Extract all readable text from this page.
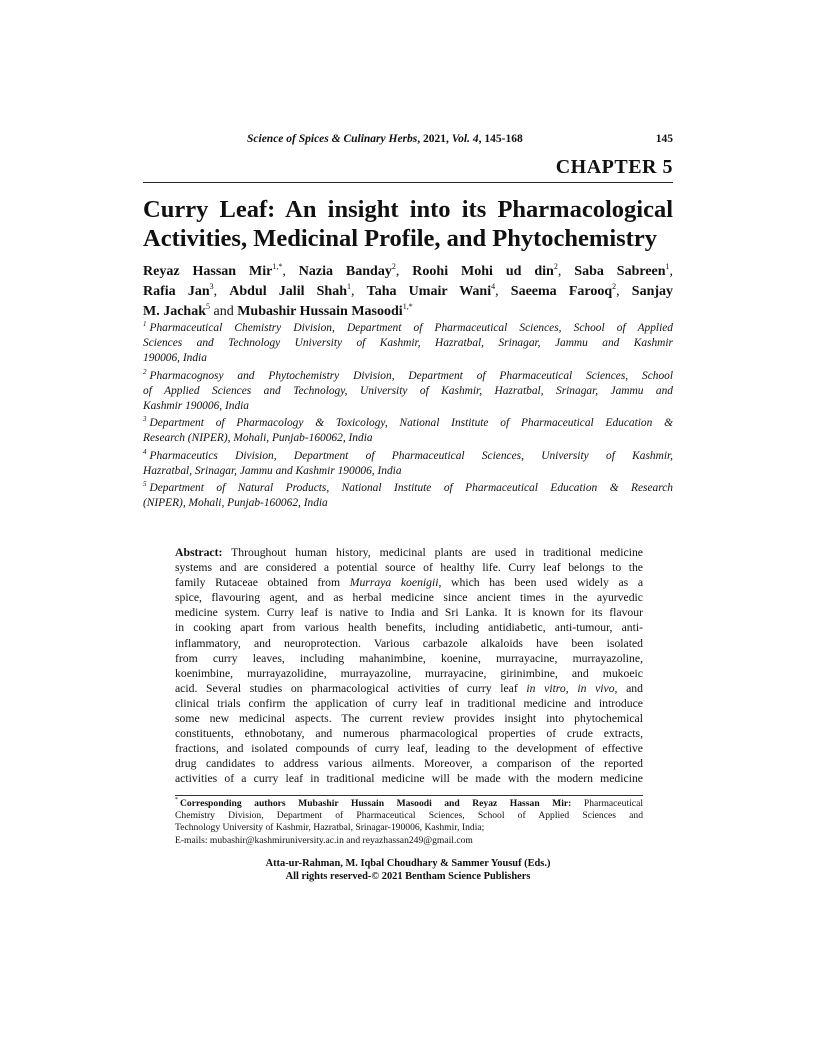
Science of Spices & Culinary Herbs, 2021, Vol. 4, 145-168	145
CHAPTER 5
Curry Leaf: An insight into its Pharmacological
Activities, Medicinal Profile, and Phytochemistry
Reyaz Hassan Mir$^{1,*}$, Nazia Banday$^2$, Roohi Mohi ud din$^2$, Saba Sabreen$^1$,
Rafia Jan$^3$, Abdul Jalil Shah$^1$, Taha Umair Wani$^4$, Saeema Farooq$^2$, Sanjay
M. Jachak$^5$ and Mubashir Hussain Masoodi$^{1,*}$
$^1$ Pharmaceutical Chemistry Division, Department of Pharmaceutical Sciences, School of Applied
Sciences and Technology University of Kashmir, Hazratbal, Srinagar, Jammu and Kashmir
190006, India
$^2$ Pharmacognosy and Phytochemistry Division, Department of Pharmaceutical Sciences, School
of Applied Sciences and Technology, University of Kashmir, Hazratbal, Srinagar, Jammu and
Kashmir 190006, India
$^3$ Department of Pharmacology & Toxicology, National Institute of Pharmaceutical Education &
Research (NIPER), Mohali, Punjab-160062, India
$^4$ Pharmaceutics Division, Department of Pharmaceutical Sciences, University of Kashmir,
Hazratbal, Srinagar, Jammu and Kashmir 190006, India
$^5$ Department of Natural Products, National Institute of Pharmaceutical Education & Research
(NIPER), Mohali, Punjab-160062, India
Abstract: Throughout human history, medicinal plants are used in traditional medicine
systems and are considered a potential source of healthy life. Curry leaf belongs to the
family Rutaceae obtained from Murraya koenigii, which has been used widely as a
spice, flavouring agent, and as herbal medicine since ancient times in the ayurvedic
medicine system. Curry leaf is native to India and Sri Lanka. It is known for its flavour
in cooking apart from various health benefits, including antidiabetic, anti-tumour, anti-
inflammatory, and neuroprotection. Various carbazole alkaloids have been isolated
from curry leaves, including mahanimbine, koenine, murrayacine, murrayazoline,
koenimbine, murrayazolidine, murrayazoline, murrayacine, girinimbine, and mukoeic
acid. Several studies on pharmacological activities of curry leaf in vitro, in vivo, and
clinical trials confirm the application of curry leaf in traditional medicine and introduce
some new medicinal aspects. The current review provides insight into phytochemical
constituents, ethnobotany, and numerous pharmacological properties of crude extracts,
fractions, and isolated compounds of curry leaf, leading to the development of effective
drug candidates to address various ailments. Moreover, a comparison of the reported
activities of a curry leaf in traditional medicine will be made with the modern medicine
* Corresponding authors Mubashir Hussain Masoodi and Reyaz Hassan Mir: Pharmaceutical
Chemistry Division, Department of Pharmaceutical Sciences, School of Applied Sciences and
Technology University of Kashmir, Hazratbal, Srinagar-190006, Kashmir, India;
E-mails: mubashir@kashmiruniversity.ac.in and reyazhassan249@gmail.com
Atta-ur-Rahman, M. Iqbal Choudhary & Sammer Yousuf (Eds.)
All rights reserved-© 2021 Bentham Science Publishers
